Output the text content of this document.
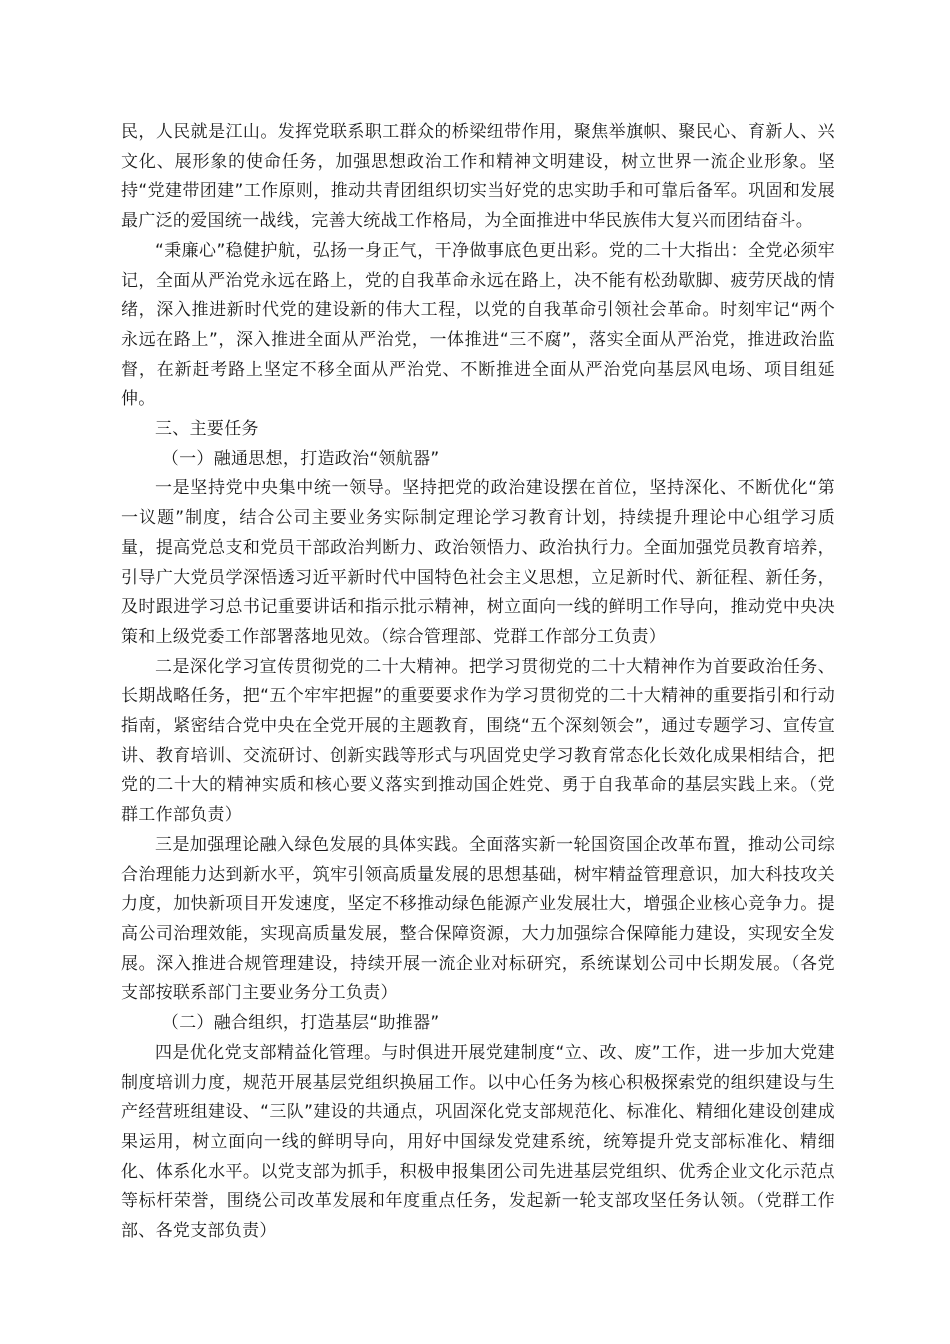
民，人民就是江山。发挥党联系职工群众的桥梁纽带作用，聚焦举旗帜、聚民心、育新人、兴文化、展形象的使命任务，加强思想政治工作和精神文明建设，树立世界一流企业形象。坚持“党建带团建”工作原则，推动共青团组织切实当好党的忠实助手和可靠后备军。巩固和发展最广泛的爱国统一战线，完善大统战工作格局，为全面推进中华民族伟大复兴而团结奋斗。

“秉廉心”稳健护航，弘扬一身正气，干净做事底色更出彩。党的二十大指出：全党必须牢记，全面从严治党永远在路上，党的自我革命永远在路上，决不能有松劲歇脚、疲劳厌战的情绪，深入推进新时代党的建设新的伟大工程，以党的自我革命引领社会革命。时刻牢记“两个永远在路上”，深入推进全面从严治党，一体推进“三不腐”，落实全面从严治党，推进政治监督，在新赶考路上坚定不移全面从严治党、不断推进全面从严治党向基层风电场、项目组延伸。

三、主要任务

（一）融通思想，打造政治“领航器”

一是坚持党中央集中统一领导。坚持把党的政治建设摆在首位，坚持深化、不断优化“第一议题”制度，结合公司主要业务实际制定理论学习教育计划，持续提升理论中心组学习质量，提高党总支和党员干部政治判断力、政治领悟力、政治执行力。全面加强党员教育培养，引导广大党员学深悟透习近平新时代中国特色社会主义思想，立足新时代、新征程、新任务，及时跟进学习总书记重要讲话和指示批示精神，树立面向一线的鲜明工作导向，推动党中央决策和上级党委工作部署落地见效。（综合管理部、党群工作部分工负责）

二是深化学习宣传贯彻党的二十大精神。把学习贯彻党的二十大精神作为首要政治任务、长期战略任务，把“五个牢牢把握”的重要要求作为学习贯彻党的二十大精神的重要指引和行动指南，紧密结合党中央在全党开展的主题教育，围绕“五个深刻领会”，通过专题学习、宣传宣讲、教育培训、交流研讨、创新实践等形式与巩固党史学习教育常态化长效化成果相结合，把党的二十大的精神实质和核心要义落实到推动国企姓党、勇于自我革命的基层实践上来。（党群工作部负责）

三是加强理论融入绿色发展的具体实践。全面落实新一轮国资国企改革布置，推动公司综合治理能力达到新水平，筑牢引领高质量发展的思想基础，树牢精益管理意识，加大科技攻关力度，加快新项目开发速度，坚定不移推动绿色能源产业发展壮大，增强企业核心竞争力。提高公司治理效能，实现高质量发展，整合保障资源，大力加强综合保障能力建设，实现安全发展。深入推进合规管理建设，持续开展一流企业对标研究，系统谋划公司中长期发展。（各党支部按联系部门主要业务分工负责）

（二）融合组织，打造基层“助推器”

四是优化党支部精益化管理。与时俱进开展党建制度“立、改、废”工作，进一步加大党建制度培训力度，规范开展基层党组织换届工作。以中心任务为核心积极探索党的组织建设与生产经营班组建设、“三队”建设的共通点，巩固深化党支部规范化、标准化、精细化建设创建成果运用，树立面向一线的鲜明导向，用好中国绿发党建系统，统筹提升党支部标准化、精细化、体系化水平。以党支部为抓手，积极申报集团公司先进基层党组织、优秀企业文化示范点等标杆荣誉，围绕公司改革发展和年度重点任务，发起新一轮支部攻坚任务认领。（党群工作部、各党支部负责）
